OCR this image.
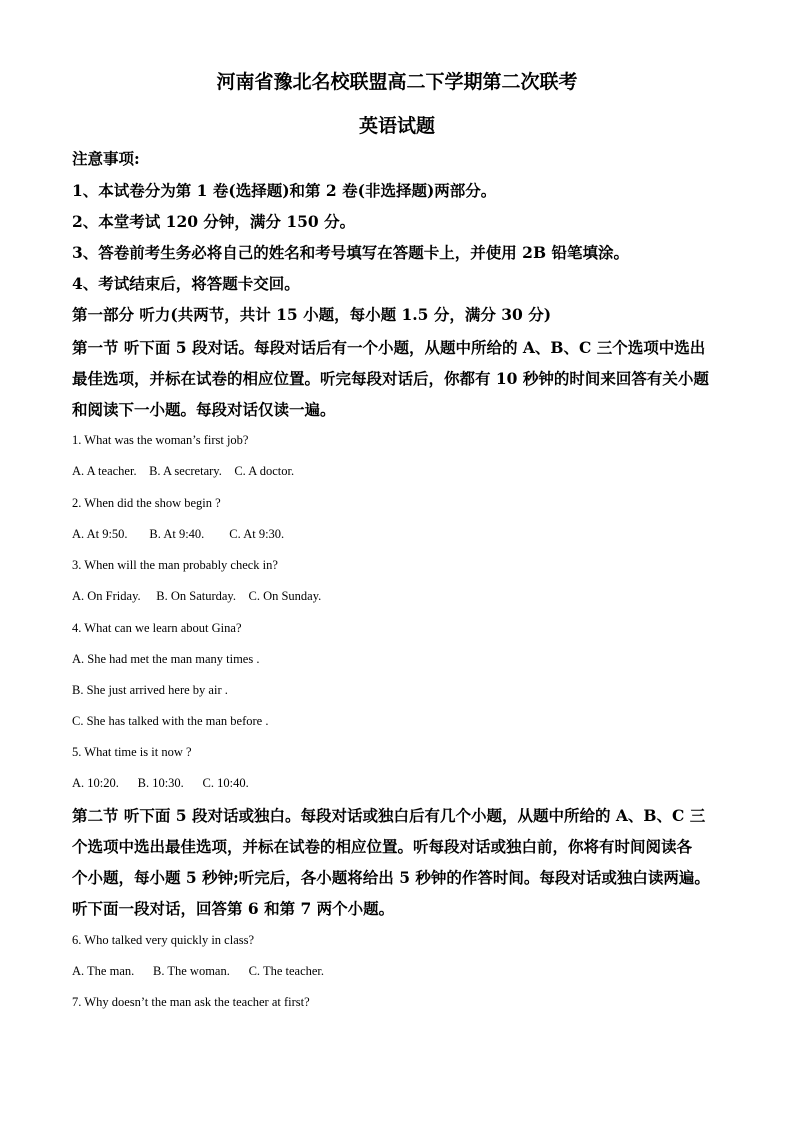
河南省豫北名校联盟高二下学期第二次联考
英语试题
注意事项:
1、本试卷分为第 1 卷(选择题)和第 2 卷(非选择题)两部分。
2、本堂考试 120 分钟，满分 150 分。
3、答卷前考生务必将自己的姓名和考号填写在答题卡上，并使用 2B 铅笔填涂。
4、考试结束后，将答题卡交回。
第一部分 听力(共两节，共计 15 小题，每小题 1.5 分，满分 30 分)
第一节 听下面 5 段对话。每段对话后有一个小题，从题中所给的 A、B、C 三个选项中选出
最佳选项，并标在试卷的相应位置。听完每段对话后，你都有 10 秒钟的时间来回答有关小题
和阅读下一小题。每段对话仅读一遍。
1. What was the woman’s first job?
A. A teacher.    B. A secretary.    C. A doctor.
2. When did the show begin ?
A. At 9:50.       B. At 9:40.        C. At 9:30.
3. When will the man probably check in?
A. On Friday.     B. On Saturday.    C. On Sunday.
4. What can we learn about Gina?
A. She had met the man many times .
B. She just arrived here by air .
C. She has talked with the man before .
5. What time is it now ?
A. 10:20.      B. 10:30.      C. 10:40.
第二节 听下面 5 段对话或独白。每段对话或独白后有几个小题，从题中所给的 A、B、C 三
个选项中选出最佳选项，并标在试卷的相应位置。听每段对话或独白前，你将有时间阅读各
个小题，每小题 5 秒钟;听完后，各小题将给出 5 秒钟的作答时间。每段对话或独白读两遍。
听下面一段对话，回答第 6 和第 7 两个小题。
6. Who talked very quickly in class?
A. The man.      B. The woman.      C. The teacher.
7. Why doesn’t the man ask the teacher at first?
